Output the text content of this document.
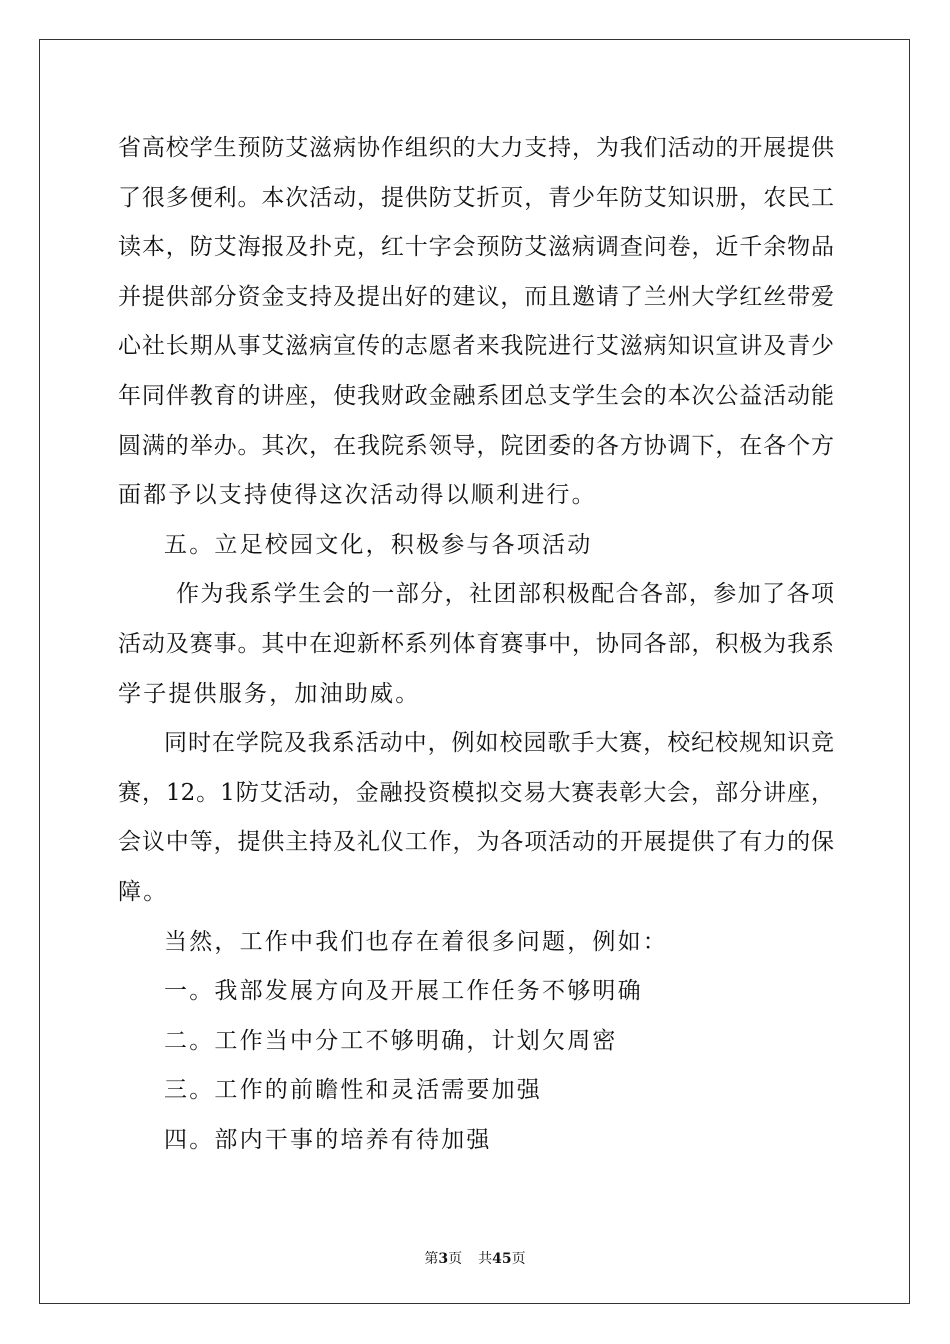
省高校学生预防艾滋病协作组织的大力支持，为我们活动的开展提供
了很多便利。本次活动，提供防艾折页，青少年防艾知识册，农民工
读本，防艾海报及扑克，红十字会预防艾滋病调查问卷，近千余物品
并提供部分资金支持及提出好的建议，而且邀请了兰州大学红丝带爱
心社长期从事艾滋病宣传的志愿者来我院进行艾滋病知识宣讲及青少
年同伴教育的讲座，使我财政金融系团总支学生会的本次公益活动能
圆满的举办。其次，在我院系领导，院团委的各方协调下，在各个方
面都予以支持使得这次活动得以顺利进行。
五。立足校园文化，积极参与各项活动
作为我系学生会的一部分，社团部积极配合各部，参加了各项
活动及赛事。其中在迎新杯系列体育赛事中，协同各部，积极为我系
学子提供服务，加油助威。
同时在学院及我系活动中，例如校园歌手大赛，校纪校规知识竞
赛，12。1防艾活动，金融投资模拟交易大赛表彰大会，部分讲座，
会议中等，提供主持及礼仪工作，为各项活动的开展提供了有力的保
障。
当然，工作中我们也存在着很多问题，例如：
一。我部发展方向及开展工作任务不够明确
二。工作当中分工不够明确，计划欠周密
三。工作的前瞻性和灵活需要加强
四。部内干事的培养有待加强
第3页 共45页
